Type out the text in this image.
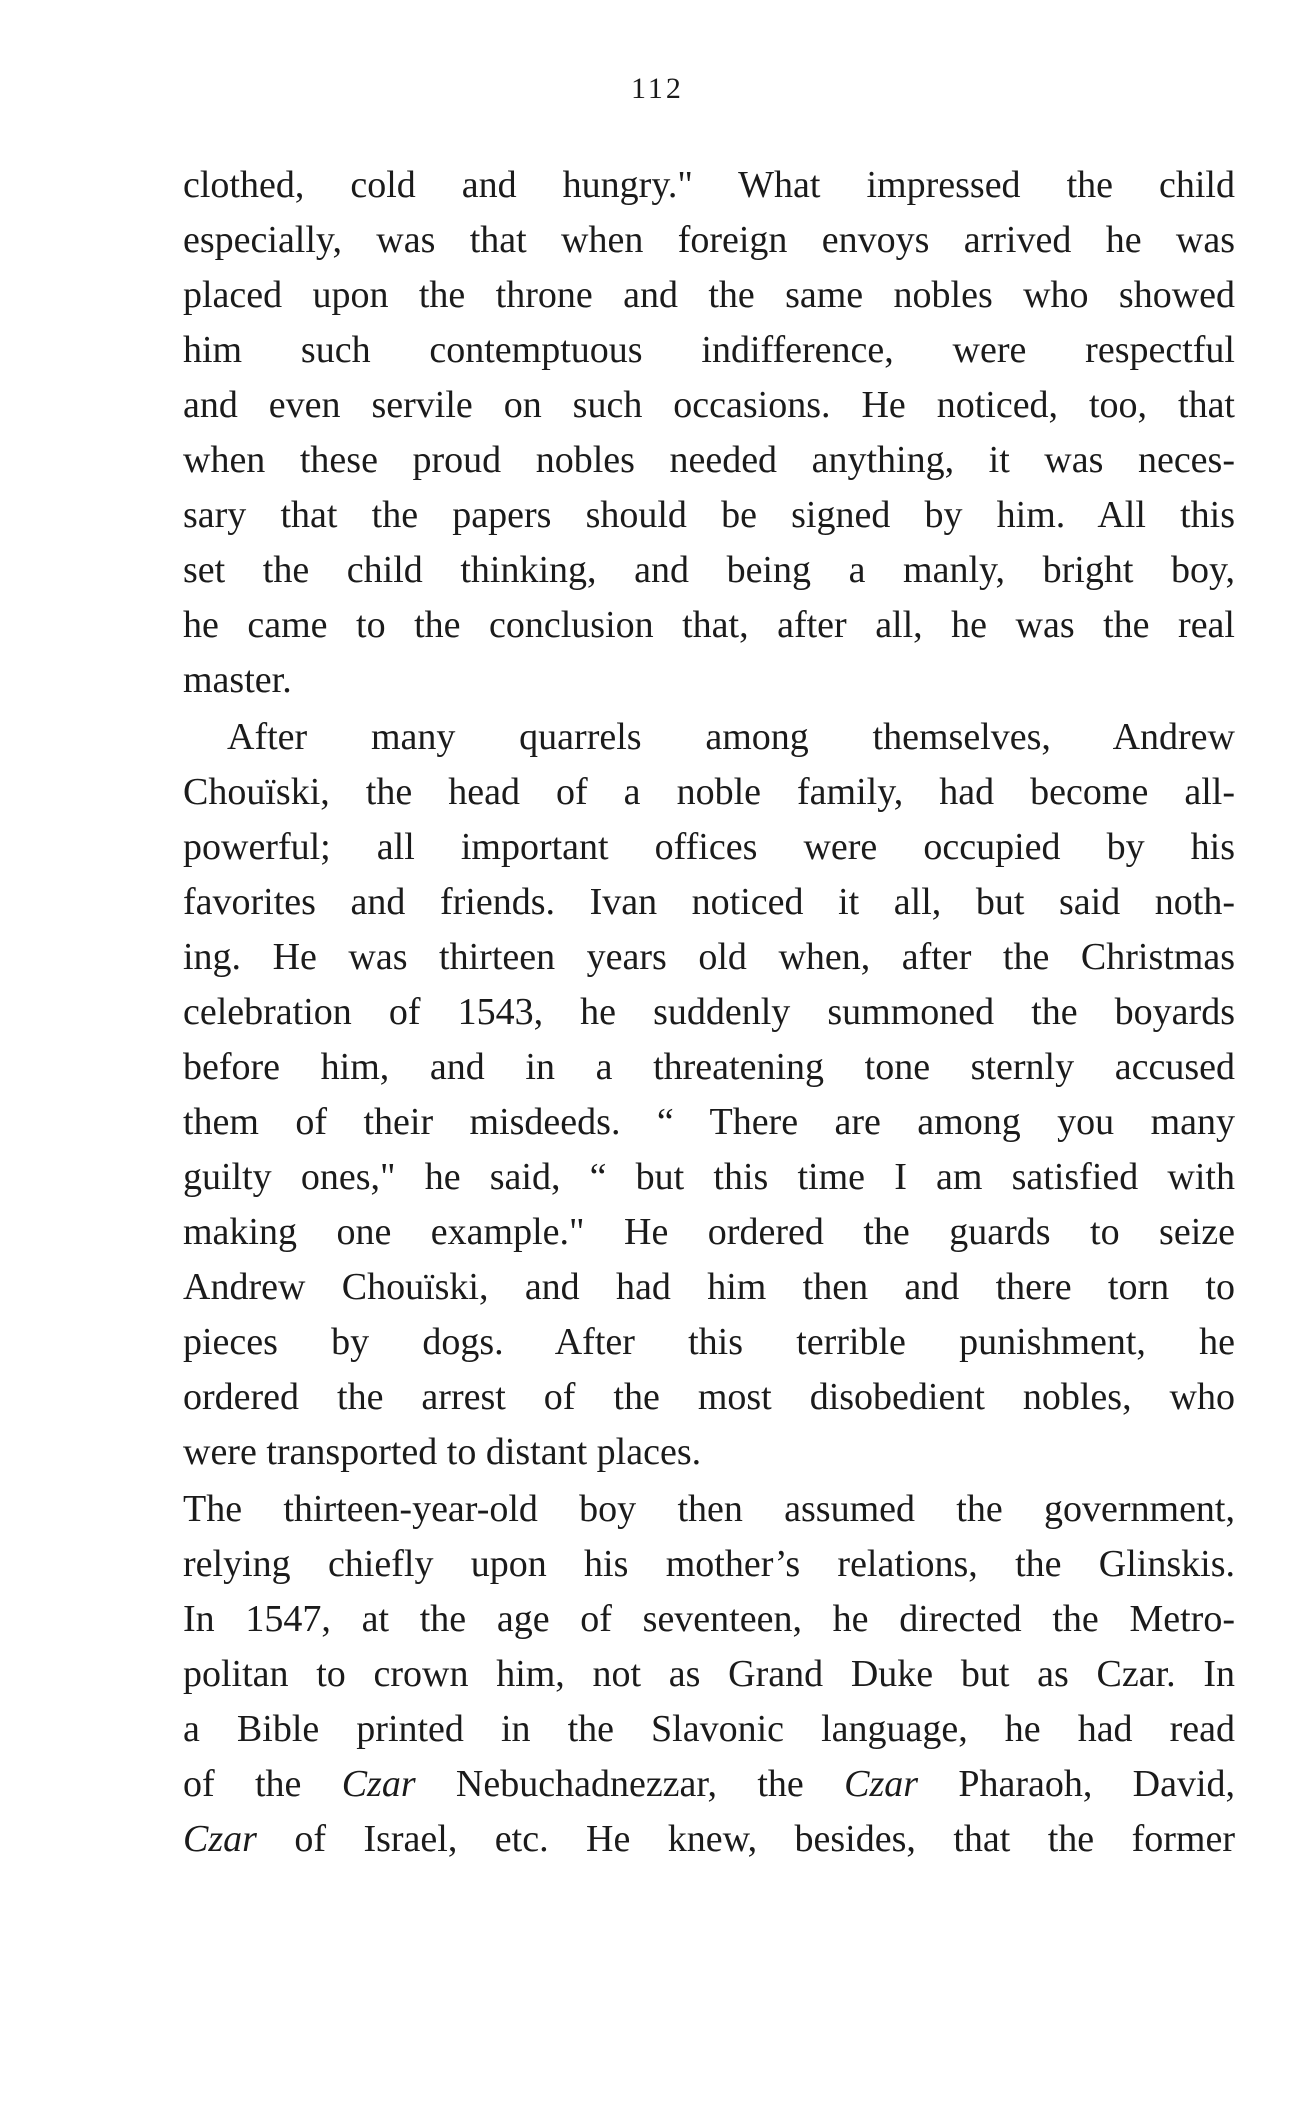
112
clothed, cold and hungry." What impressed the child
especially, was that when foreign envoys arrived he was
placed upon the throne and the same nobles who showed
him such contemptuous indifference, were respectful
and even servile on such occasions. He noticed, too, that
when these proud nobles needed anything, it was neces-
sary that the papers should be signed by him. All this
set the child thinking, and being a manly, bright boy,
he came to the conclusion that, after all, he was the real
master.
After many quarrels among themselves, Andrew
Chouïski, the head of a noble family, had become all-
powerful; all important offices were occupied by his
favorites and friends. Ivan noticed it all, but said noth-
ing. He was thirteen years old when, after the Christmas
celebration of 1543, he suddenly summoned the boyards
before him, and in a threatening tone sternly accused
them of their misdeeds. “ There are among you many
guilty ones," he said, “ but this time I am satisfied with
making one example." He ordered the guards to seize
Andrew Chouïski, and had him then and there torn to
pieces by dogs. After this terrible punishment, he
ordered the arrest of the most disobedient nobles, who
were transported to distant places.
The thirteen-year-old boy then assumed the government,
relying chiefly upon his mother’s relations, the Glinskis.
In 1547, at the age of seventeen, he directed the Metro-
politan to crown him, not as Grand Duke but as Czar. In
a Bible printed in the Slavonic language, he had read
of the Czar Nebuchadnezzar, the Czar Pharaoh, David,
Czar of Israel, etc. He knew, besides, that the former
